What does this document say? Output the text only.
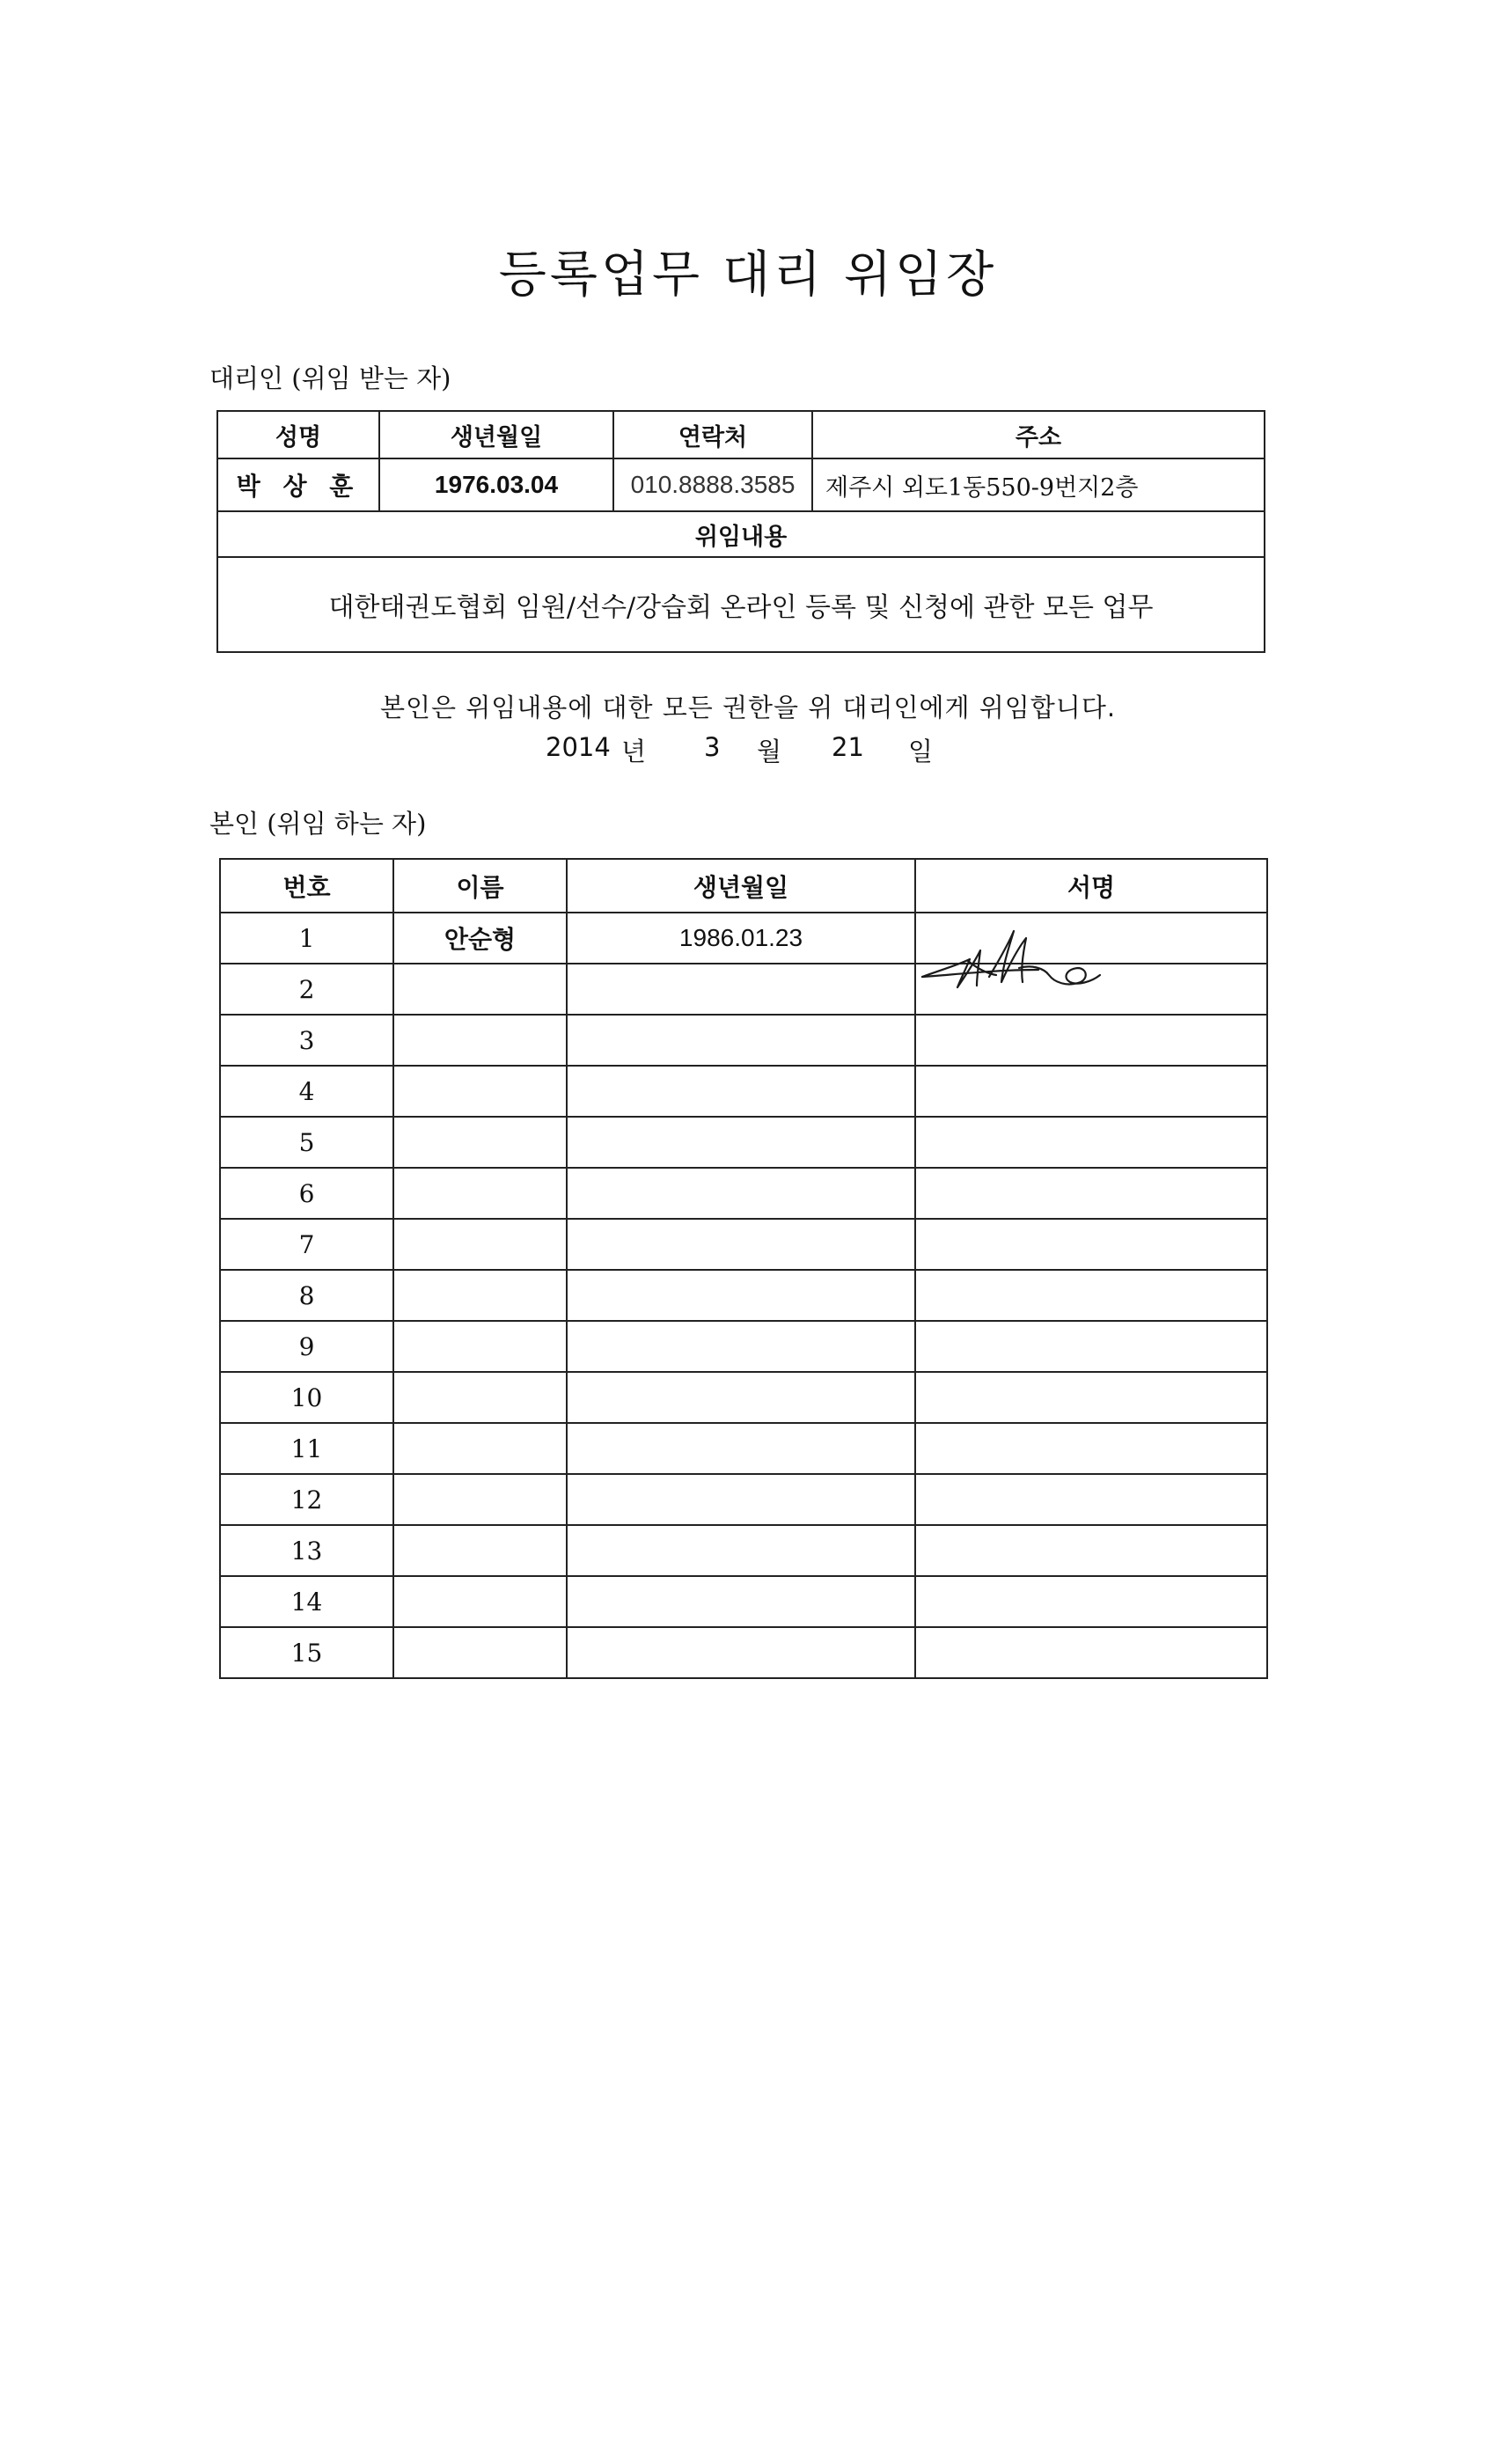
등록업무 대리 위임장
대리인 (위임 받는 자)
성명	생년월일	연락처	주소
박 상 훈	1976.03.04	010.8888.3585	제주시 외도1동550-9번지2층
위임내용			
대한태권도협회 임원/선수/강습회 온라인 등록 및 신청에 관한 모든 업무			
본인은 위임내용에 대한 모든 권한을 위 대리인에게 위임합니다.
2014 년 3 월 21 일
본인 (위임 하는 자)
번호	이름	생년월일	서명
1	안순형	1986.01.23	
2			
3			
4			
5			
6			
7			
8			
9			
10			
11			
12			
13			
14			
15			
